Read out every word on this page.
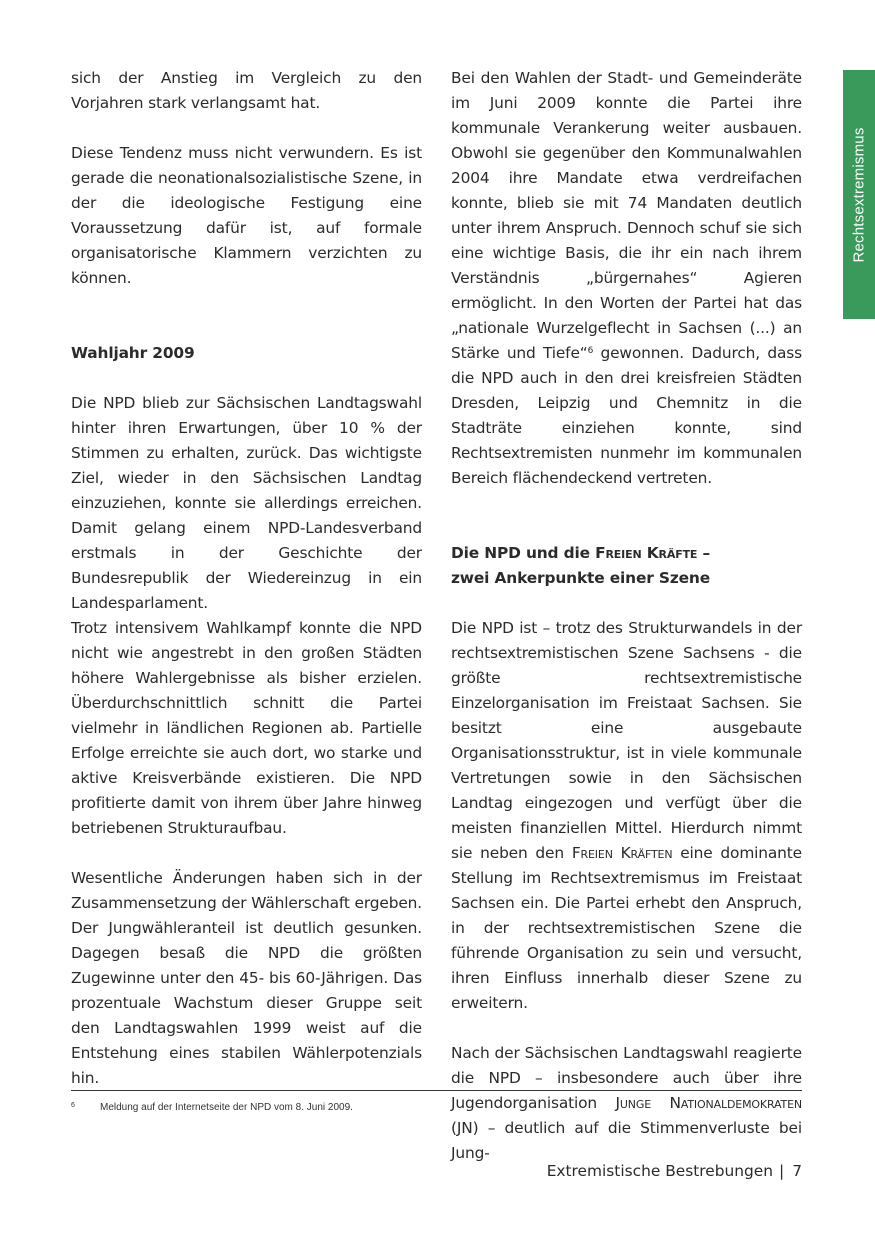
Rechtsextremismus

sich der Anstieg im Vergleich zu den Vorjahren stark verlangsamt hat.

Diese Tendenz muss nicht verwundern. Es ist gerade die neonationalsozialistische Szene, in der die ideologische Festigung eine Voraussetzung dafür ist, auf formale organisatorische Klammern verzichten zu können.

Wahljahr 2009

Die NPD blieb zur Sächsischen Landtagswahl hinter ihren Erwartungen, über 10 % der Stimmen zu erhalten, zurück. Das wichtigste Ziel, wieder in den Sächsischen Landtag einzuziehen, konnte sie allerdings erreichen. Damit gelang einem NPD-Landesverband erstmals in der Geschichte der Bundesrepublik der Wiedereinzug in ein Landesparlament.

Trotz intensivem Wahlkampf konnte die NPD nicht wie angestrebt in den großen Städten höhere Wahlergebnisse als bisher erzielen. Überdurchschnittlich schnitt die Partei vielmehr in ländlichen Regionen ab. Partielle Erfolge erreichte sie auch dort, wo starke und aktive Kreisverbände existieren. Die NPD profitierte damit von ihrem über Jahre hinweg betriebenen Strukturaufbau.

Wesentliche Änderungen haben sich in der Zusammensetzung der Wählerschaft ergeben. Der Jungwähleranteil ist deutlich gesunken. Dagegen besaß die NPD die größten Zugewinne unter den 45- bis 60-Jährigen. Das prozentuale Wachstum dieser Gruppe seit den Landtagswahlen 1999 weist auf die Entstehung eines stabilen Wählerpotenzials hin.

Bei den Wahlen der Stadt- und Gemeinderäte im Juni 2009 konnte die Partei ihre kommunale Verankerung weiter ausbauen. Obwohl sie gegenüber den Kommunalwahlen 2004 ihre Mandate etwa verdreifachen konnte, blieb sie mit 74 Mandaten deutlich unter ihrem Anspruch. Dennoch schuf sie sich eine wichtige Basis, die ihr ein nach ihrem Verständnis „bürgernahes“ Agieren ermöglicht. In den Worten der Partei hat das „nationale Wurzelgeflecht in Sachsen (...) an Stärke und Tiefe“$^6$ gewonnen. Dadurch, dass die NPD auch in den drei kreisfreien Städten Dresden, Leipzig und Chemnitz in die Stadträte einziehen konnte, sind Rechtsextremisten nunmehr im kommunalen Bereich flächendeckend vertreten.

Die NPD und die Freien Kräfte –

zwei Ankerpunkte einer Szene

Die NPD ist – trotz des Strukturwandels in der rechtsextremistischen Szene Sachsens - die größte rechtsextremistische Einzelorganisation im Freistaat Sachsen. Sie besitzt eine ausgebaute Organisationsstruktur, ist in viele kommunale Vertretungen sowie in den Sächsischen Landtag eingezogen und verfügt über die meisten finanziellen Mittel. Hierdurch nimmt sie neben den Freien Kräften eine dominante Stellung im Rechtsextremismus im Freistaat Sachsen ein. Die Partei erhebt den Anspruch, in der rechtsextremistischen Szene die führende Organisation zu sein und versucht, ihren Einfluss innerhalb dieser Szene zu erweitern.

Nach der Sächsischen Landtagswahl reagierte die NPD – insbesondere auch über ihre Jugendorganisation Junge Nationaldemokraten (JN) – deutlich auf die Stimmenverluste bei Jung-

6	Meldung auf der Internetseite der NPD vom 8. Juni 2009.
Extremistische Bestrebungen | 7
